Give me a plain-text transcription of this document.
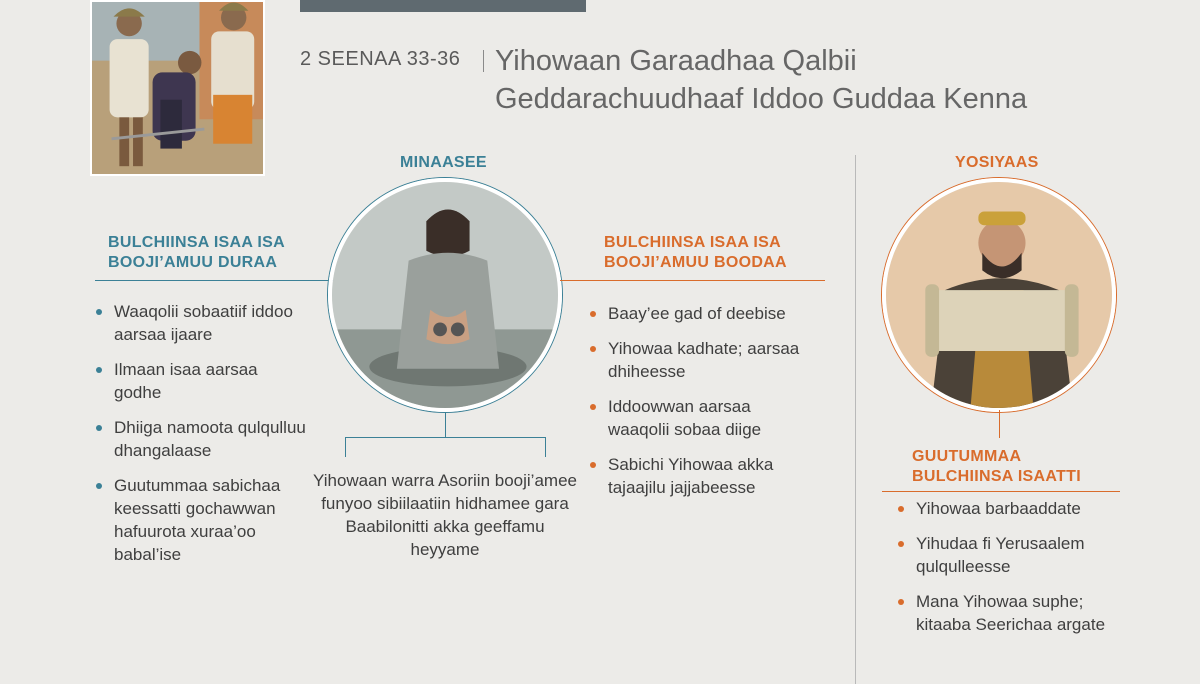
2 SEENAA 33-36 Yihowaan Garaadhaa Qalbii
Geddarachuudhaaf Iddoo Guddaa Kenna
MINAASEE
BULCHIINSA ISAA ISA
BOOJI’AMUU DURAA
Waaqolii sobaatiif iddoo aarsaa ijaare
Ilmaan isaa aarsaa godhe
Dhiiga namoota qulqulluu dhangalaase
Guutummaa sabichaa keessatti gochawwan hafuurota xuraa’oo babal’ise
BULCHIINSA ISAA ISA
BOOJI’AMUU BOODAA
Baay’ee gad of deebise
Yihowaa kadhate; aarsaa dhiheesse
Iddoowwan aarsaa waaqolii sobaa diige
Sabichi Yihowaa akka tajaajilu jajjabeesse
Yihowaan warra Asoriin booji’amee funyoo sibiilaatiin hidhamee gara Baabilonitti akka geeffamu heyyame
YOSIYAAS
GUUTUMMAA
BULCHIINSA ISAATTI
Yihowaa barbaaddate
Yihudaa fi Yerusaalem qulqulleesse
Mana Yihowaa suphe; kitaaba Seerichaa argate
